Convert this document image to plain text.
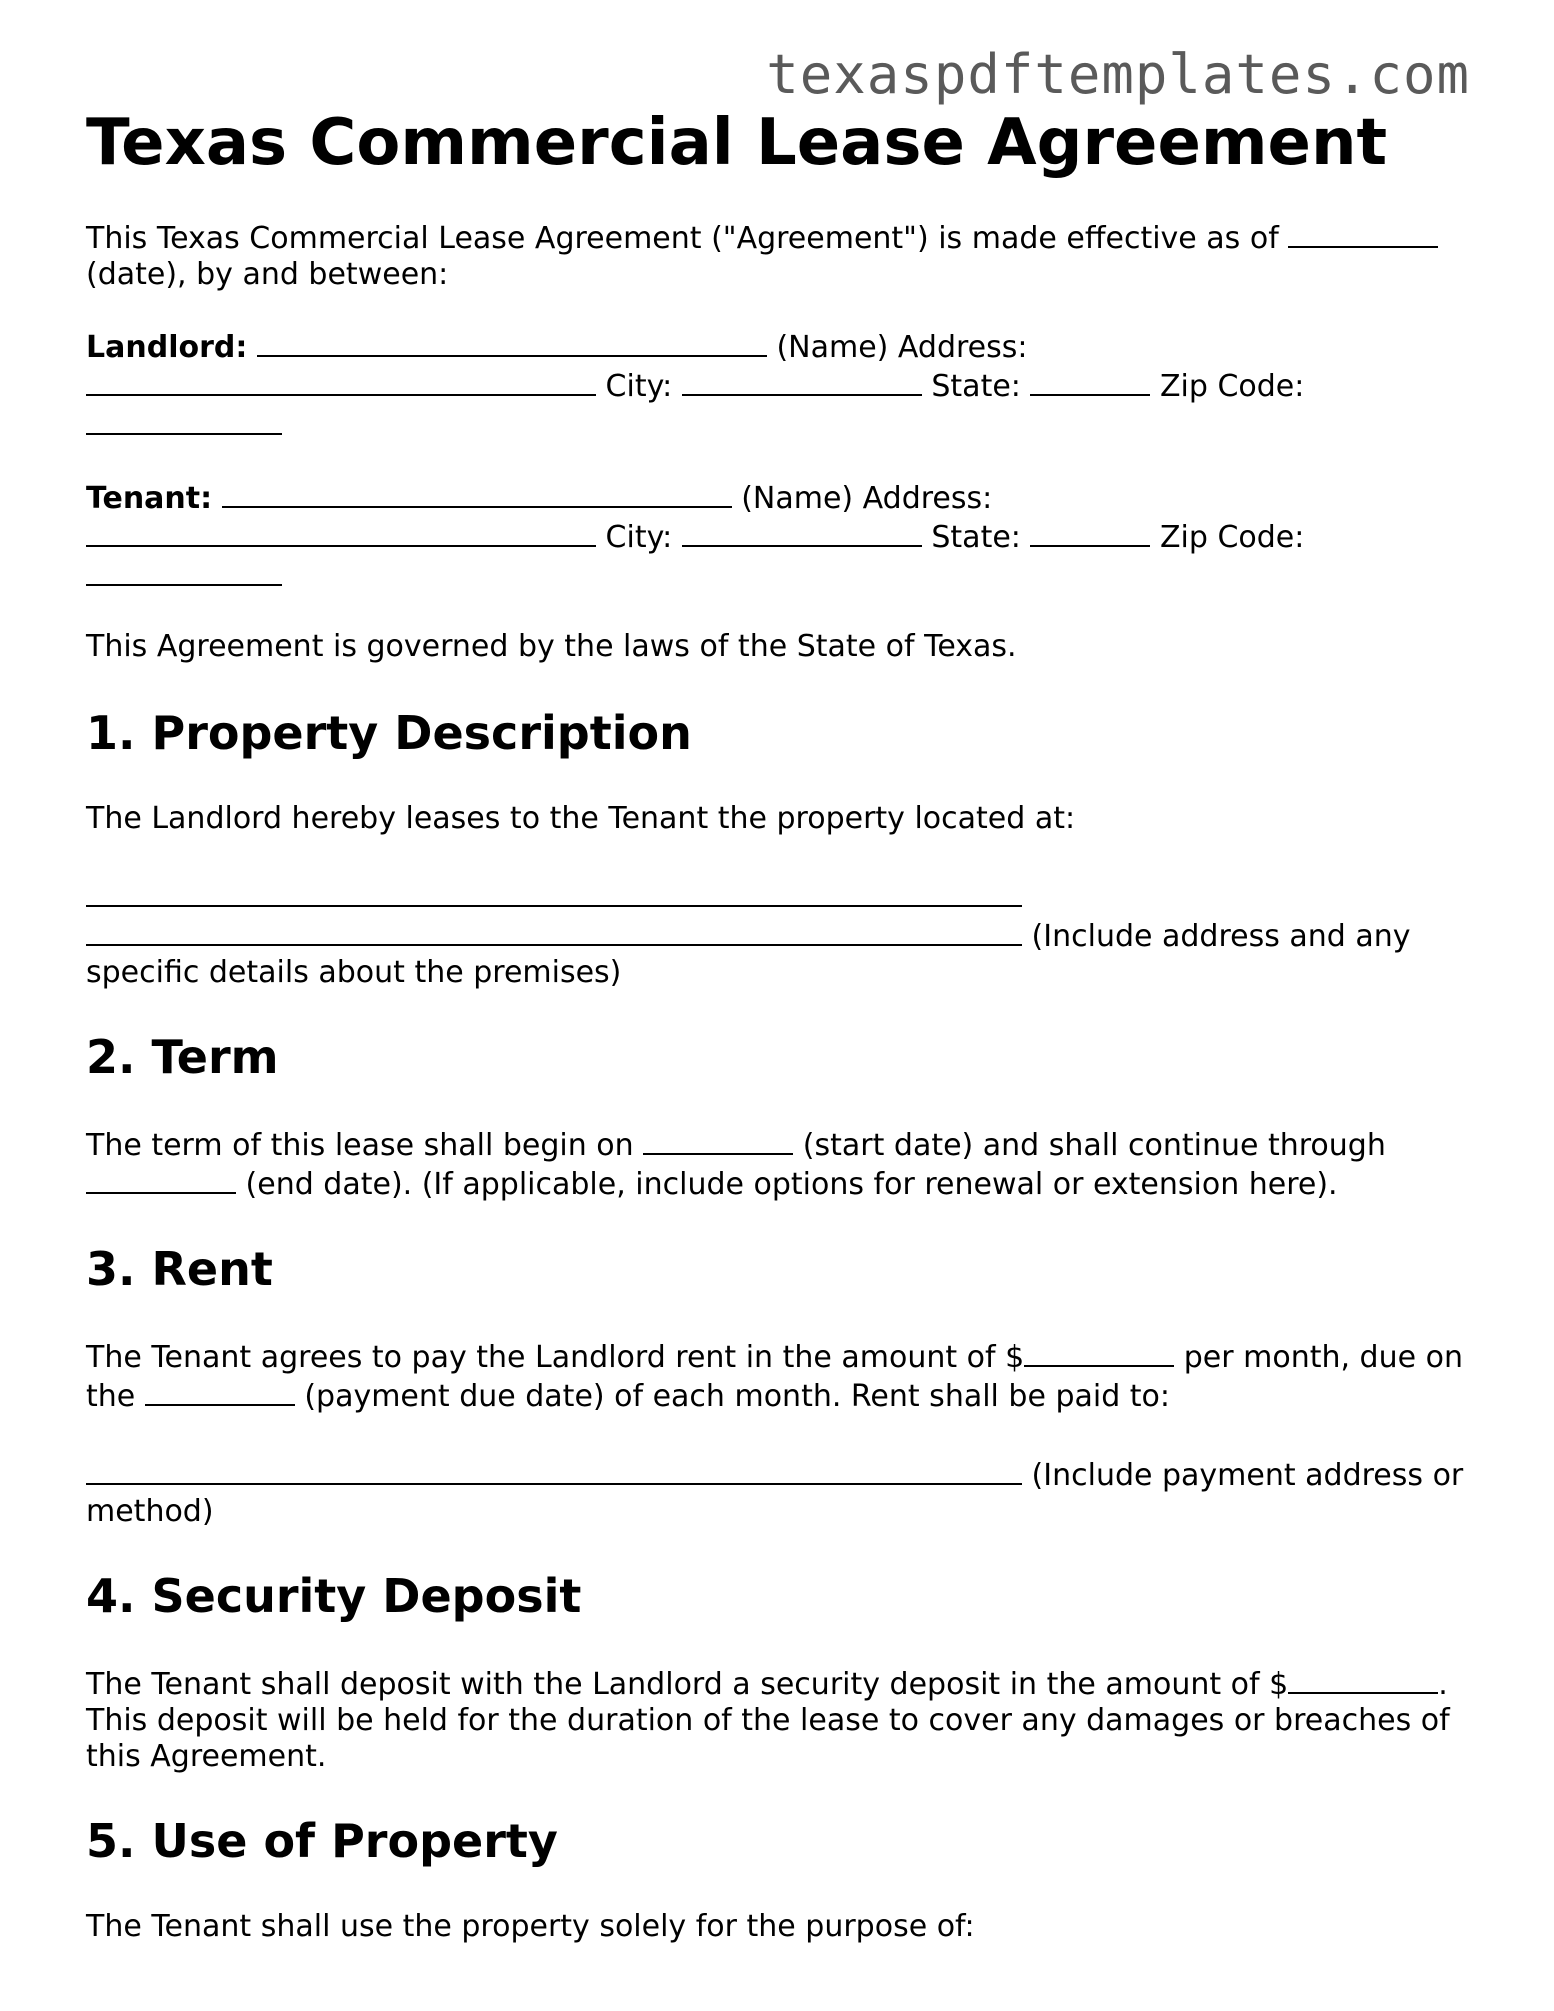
texaspdftemplates.com
Texas Commercial Lease Agreement

This Texas Commercial Lease Agreement ("Agreement") is made effective as of  (date), by and between:

Landlord:	(Name) Address:  City:	State:	Zip Code:

Tenant:	(Name) Address:  City:	State:	Zip Code:

This Agreement is governed by the laws of the State of Texas.

1. Property Description

The Landlord hereby leases to the Tenant the property located at:

(Include address and any specific details about the premises)

2. Term

The term of this lease shall begin on	(start date) and shall continue through  (end date). (If applicable, include options for renewal or extension here).

3. Rent

The Tenant agrees to pay the Landlord rent in the amount of $	per month, due on the	(payment due date) of each month. Rent shall be paid to:

(Include payment address or method)

4. Security Deposit

The Tenant shall deposit with the Landlord a security deposit in the amount of $	. This deposit will be held for the duration of the lease to cover any damages or breaches of this Agreement.

5. Use of Property

The Tenant shall use the property solely for the purpose of:
